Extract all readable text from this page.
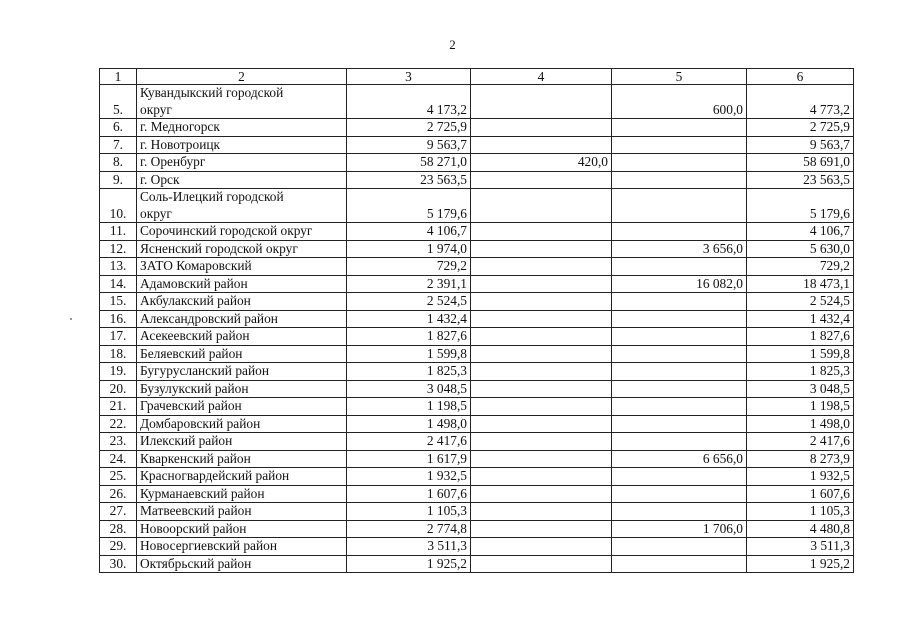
2
1	2	3	4	5	6
5.	Кувандыкский городской
округ	4 173,2		600,0	4 773,2
6.	г. Медногорск	2 725,9			2 725,9
7.	г. Новотроицк	9 563,7			9 563,7
8.	г. Оренбург	58 271,0	420,0		58 691,0
9.	г. Орск	23 563,5			23 563,5
10.	Соль-Илецкий городской
округ	5 179,6			5 179,6
11.	Сорочинский городской округ	4 106,7			4 106,7
12.	Ясненский городской округ	1 974,0		3 656,0	5 630,0
13.	ЗАТО Комаровский	729,2			729,2
14.	Адамовский район	2 391,1		16 082,0	18 473,1
15.	Акбулакский район	2 524,5			2 524,5
16.	Александровский район	1 432,4			1 432,4
17.	Асекеевский район	1 827,6			1 827,6
18.	Беляевский район	1 599,8			1 599,8
19.	Бугурусланский район	1 825,3			1 825,3
20.	Бузулукский район	3 048,5			3 048,5
21.	Грачевский район	1 198,5			1 198,5
22.	Домбаровский район	1 498,0			1 498,0
23.	Илекский район	2 417,6			2 417,6
24.	Кваркенский район	1 617,9		6 656,0	8 273,9
25.	Красногвардейский район	1 932,5			1 932,5
26.	Курманаевский район	1 607,6			1 607,6
27.	Матвеевский район	1 105,3			1 105,3
28.	Новоорский район	2 774,8		1 706,0	4 480,8
29.	Новосергиевский район	3 511,3			3 511,3
30.	Октябрьский район	1 925,2			1 925,2
